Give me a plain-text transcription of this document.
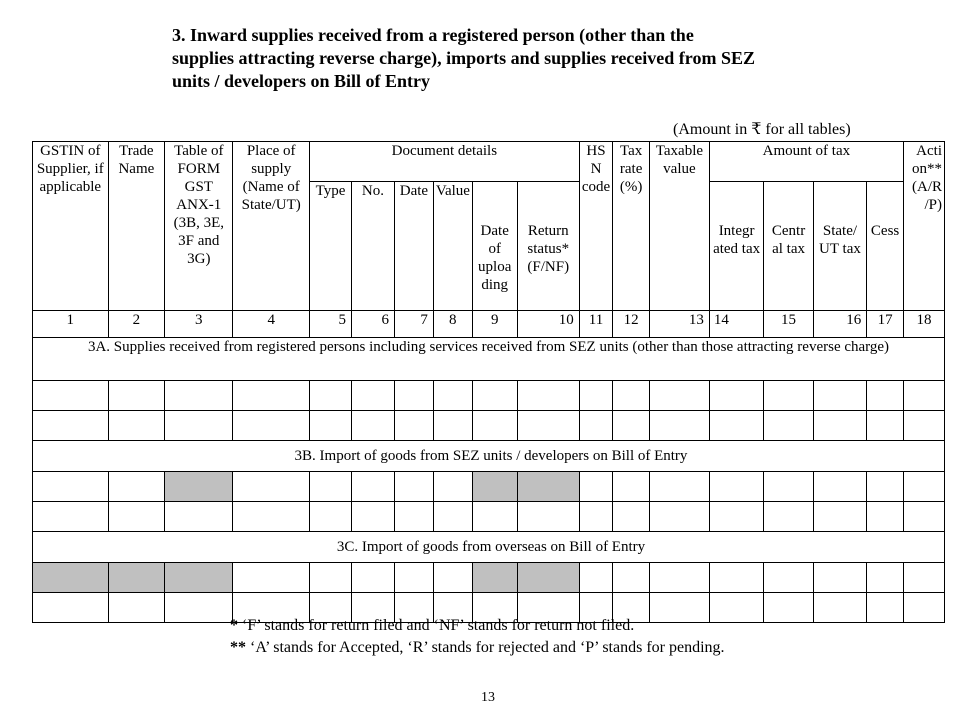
3. Inward supplies received from a registered person (other than the
supplies attracting reverse charge), imports and supplies received from SEZ
units / developers on Bill of Entry
(Amount in ₹ for all tables)
GSTIN of Supplier, if applicable	Trade Name	Table of FORM GST ANX-1 (3B, 3E, 3F and 3G)	Place of supply (Name of State/UT)	Document details						HS N code	Tax rate (%)	Taxable value	Amount of tax				Acti on** (A/R /P)
				Type	No.	Date	Value	Date of uploa ding	Return status* (F/NF)				Integr ated tax	Centr al tax	State/ UT tax	Cess	
1	2	3	4	5	6	7	8	9	10	11	12	13	14	15	16	17	18
3A. Supplies received from registered persons including services received from SEZ units (other than those attracting reverse charge)																	

3B. Import of goods from SEZ units / developers on Bill of Entry																	

3C. Import of goods from overseas on Bill of Entry																	

* ‘F’ stands for return filed and ‘NF’ stands for return not filed.
** ‘A’ stands for Accepted, ‘R’ stands for rejected and ‘P’ stands for pending.
13
